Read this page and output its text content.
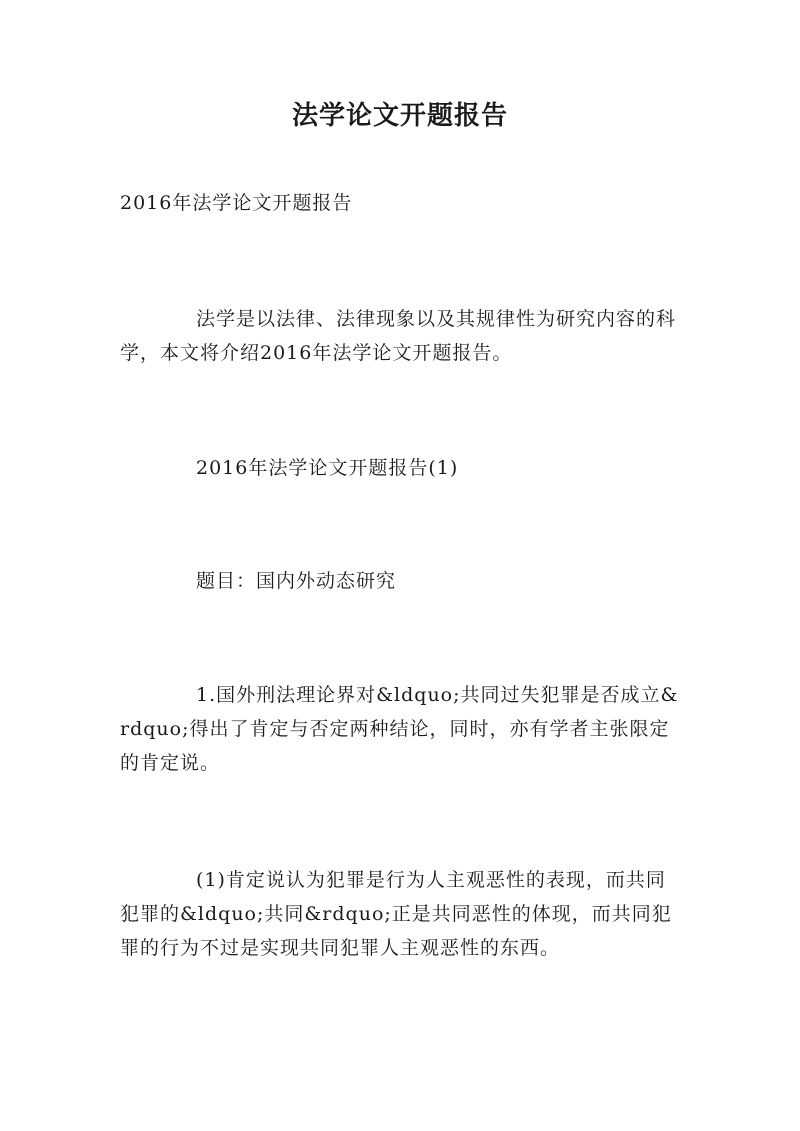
法学论文开题报告

2016年法学论文开题报告

法学是以法律、法律现象以及其规律性为研究内容的科学，本文将介绍2016年法学论文开题报告。

2016年法学论文开题报告(1)

题目：国内外动态研究

1.国外刑法理论界对&ldquo;共同过失犯罪是否成立&rdquo;得出了肯定与否定两种结论，同时，亦有学者主张限定的肯定说。

(1)肯定说认为犯罪是行为人主观恶性的表现，而共同犯罪的&ldquo;共同&rdquo;正是共同恶性的体现，而共同犯罪的行为不过是实现共同犯罪人主观恶性的东西。
